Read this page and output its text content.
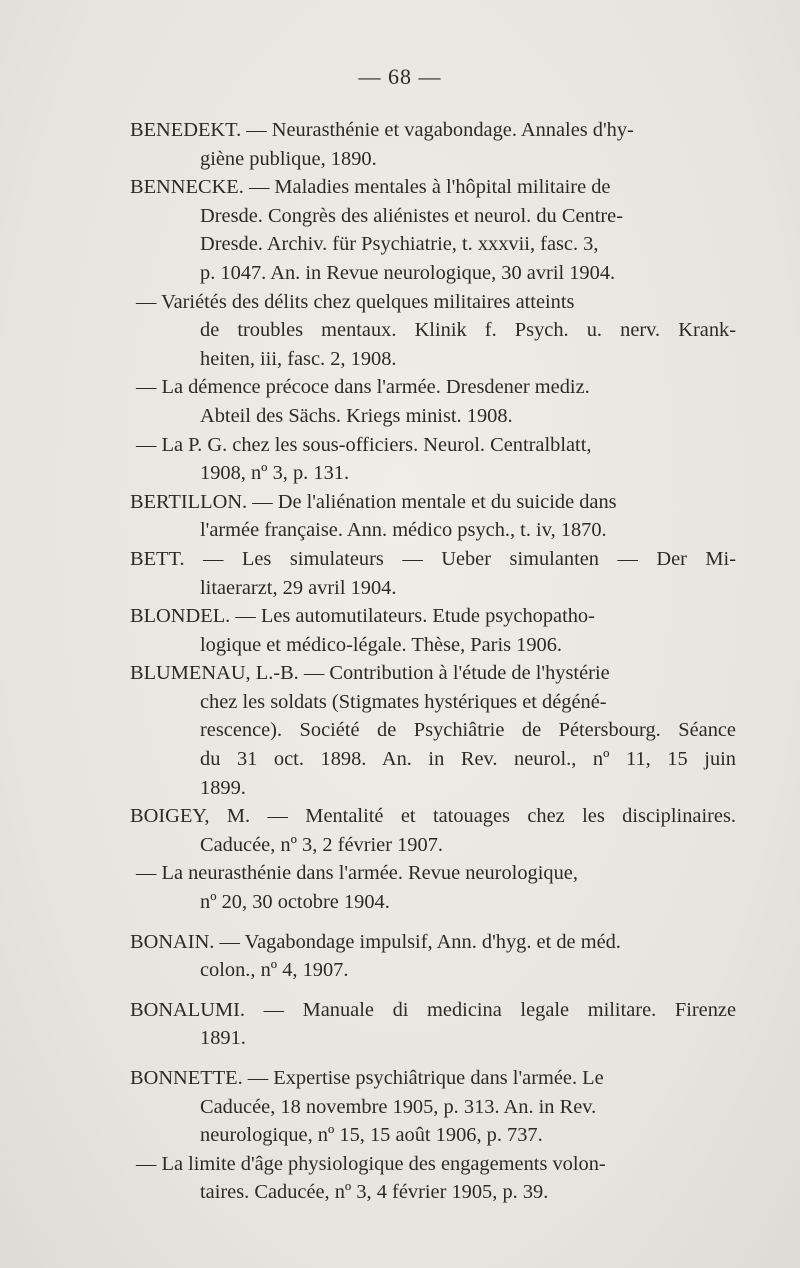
— 68 —
BENEDEKT. — Neurasthénie et vagabondage. Annales d'hy-
giène publique, 1890.
BENNECKE. — Maladies mentales à l'hôpital militaire de
Dresde. Congrès des aliénistes et neurol. du Centre-
Dresde. Archiv. für Psychiatrie, t. xxxvii, fasc. 3,
p. 1047. An. in Revue neurologique, 30 avril 1904.
— Variétés des délits chez quelques militaires atteints
de troubles mentaux. Klinik f. Psych. u. nerv. Krank-
heiten, iii, fasc. 2, 1908.
— La démence précoce dans l'armée. Dresdener mediz.
Abteil des Sächs. Kriegs minist. 1908.
— La P. G. chez les sous-officiers. Neurol. Centralblatt,
1908, nº 3, p. 131.
BERTILLON. — De l'aliénation mentale et du suicide dans
l'armée française. Ann. médico psych., t. iv, 1870.
BETT. — Les simulateurs — Ueber simulanten — Der Mi-
litaerarzt, 29 avril 1904.
BLONDEL. — Les automutilateurs. Etude psychopatho-
logique et médico-légale. Thèse, Paris 1906.
BLUMENAU, L.-B. — Contribution à l'étude de l'hystérie
chez les soldats (Stigmates hystériques et dégéné-
rescence). Société de Psychiâtrie de Pétersbourg. Séance
du 31 oct. 1898. An. in Rev. neurol., nº 11, 15 juin
1899.
BOIGEY, M. — Mentalité et tatouages chez les disciplinaires.
Caducée, nº 3, 2 février 1907.
— La neurasthénie dans l'armée. Revue neurologique,
nº 20, 30 octobre 1904.
BONAIN. — Vagabondage impulsif, Ann. d'hyg. et de méd.
colon., nº 4, 1907.
BONALUMI. — Manuale di medicina legale militare. Firenze
1891.
BONNETTE. — Expertise psychiâtrique dans l'armée. Le
Caducée, 18 novembre 1905, p. 313. An. in Rev.
neurologique, nº 15, 15 août 1906, p. 737.
— La limite d'âge physiologique des engagements volon-
taires. Caducée, nº 3, 4 février 1905, p. 39.
